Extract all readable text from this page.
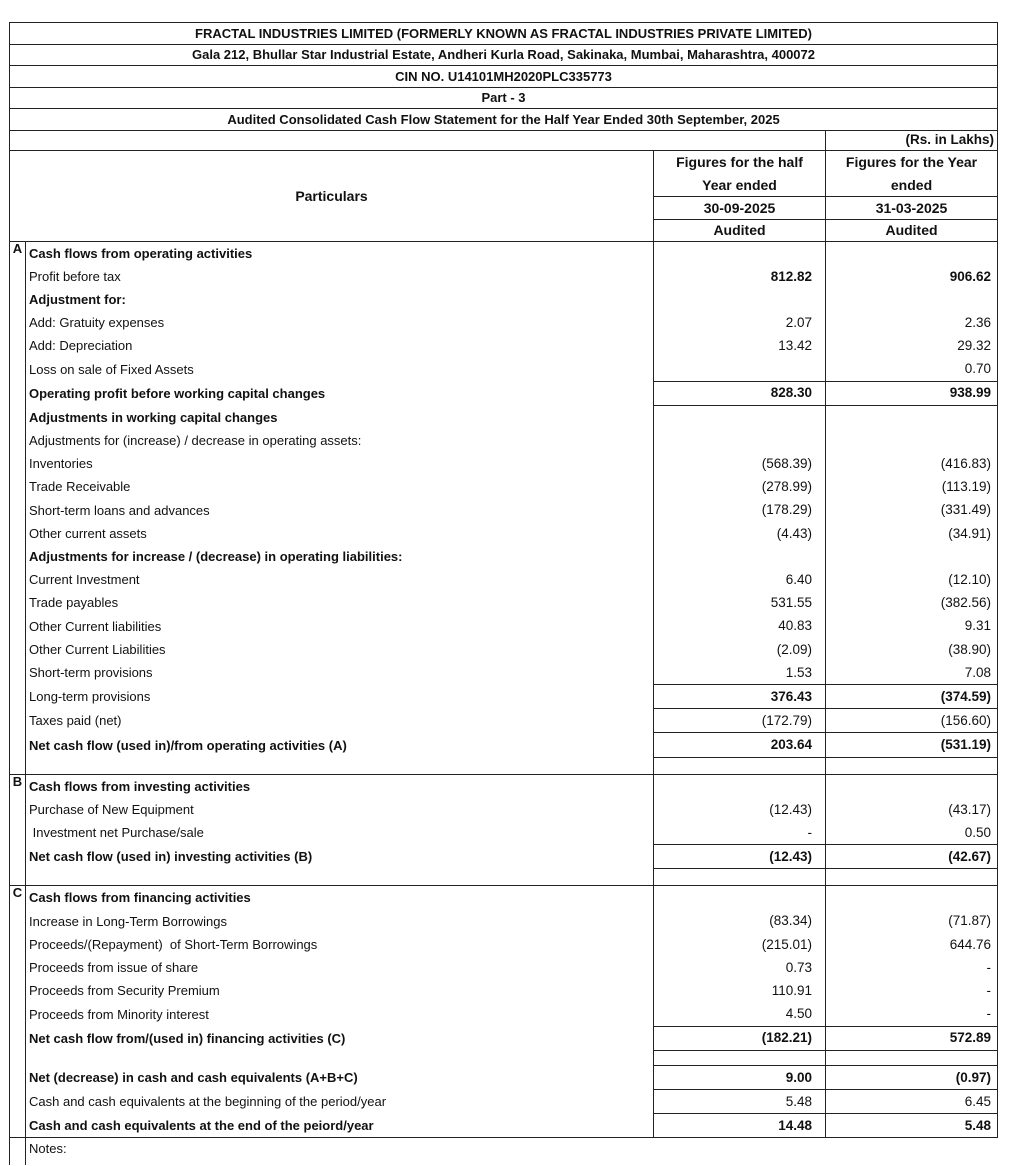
FRACTAL INDUSTRIES LIMITED (FORMERLY KNOWN AS FRACTAL INDUSTRIES PRIVATE LIMITED)			
Gala 212, Bhullar Star Industrial Estate, Andheri Kurla Road, Sakinaka, Mumbai, Maharashtra, 400072			
CIN NO. U14101MH2020PLC335773			
Part - 3			
Audited Consolidated Cash Flow Statement for the Half Year Ended 30th September, 2025			
			(Rs. in Lakhs)
Particulars		Figures for the half	Figures for the Year
		Year ended	ended
		30-09-2025	31-03-2025
		Audited	Audited
A	Cash flows from operating activities		
	Profit before tax	812.82	906.62
	Adjustment for:		
	Add: Gratuity expenses	2.07	2.36
	Add: Depreciation	13.42	29.32
	Loss on sale of Fixed Assets		0.70
	Operating profit before working capital changes	828.30	938.99
	Adjustments in working capital changes		
	Adjustments for (increase) / decrease in operating assets:		
	Inventories	(568.39)	(416.83)
	Trade Receivable	(278.99)	(113.19)
	Short-term loans and advances	(178.29)	(331.49)
	Other current assets	(4.43)	(34.91)
	Adjustments for increase / (decrease) in operating liabilities:		
	Current Investment	6.40	(12.10)
	Trade payables	531.55	(382.56)
	Other Current liabilities	40.83	9.31
	Other Current Liabilities	(2.09)	(38.90)
	Short-term provisions	1.53	7.08
	Long-term provisions	376.43	(374.59)
	Taxes paid (net)	(172.79)	(156.60)
	Net cash flow (used in)/from operating activities (A)	203.64	(531.19)

B	Cash flows from investing activities		
	Purchase of New Equipment	(12.43)	(43.17)
	Investment net Purchase/sale	-	0.50
	Net cash flow (used in) investing activities (B)	(12.43)	(42.67)

C	Cash flows from financing activities		
	Increase in Long-Term Borrowings	(83.34)	(71.87)
	Proceeds/(Repayment)  of Short-Term Borrowings	(215.01)	644.76
	Proceeds from issue of share	0.73	-
	Proceeds from Security Premium	110.91	-
	Proceeds from Minority interest	4.50	-
	Net cash flow from/(used in) financing activities (C)	(182.21)	572.89

	Net (decrease) in cash and cash equivalents (A+B+C)	9.00	(0.97)
	Cash and cash equivalents at the beginning of the period/year	5.48	6.45
	Cash and cash equivalents at the end of the peiord/year	14.48	5.48
	Notes:		
